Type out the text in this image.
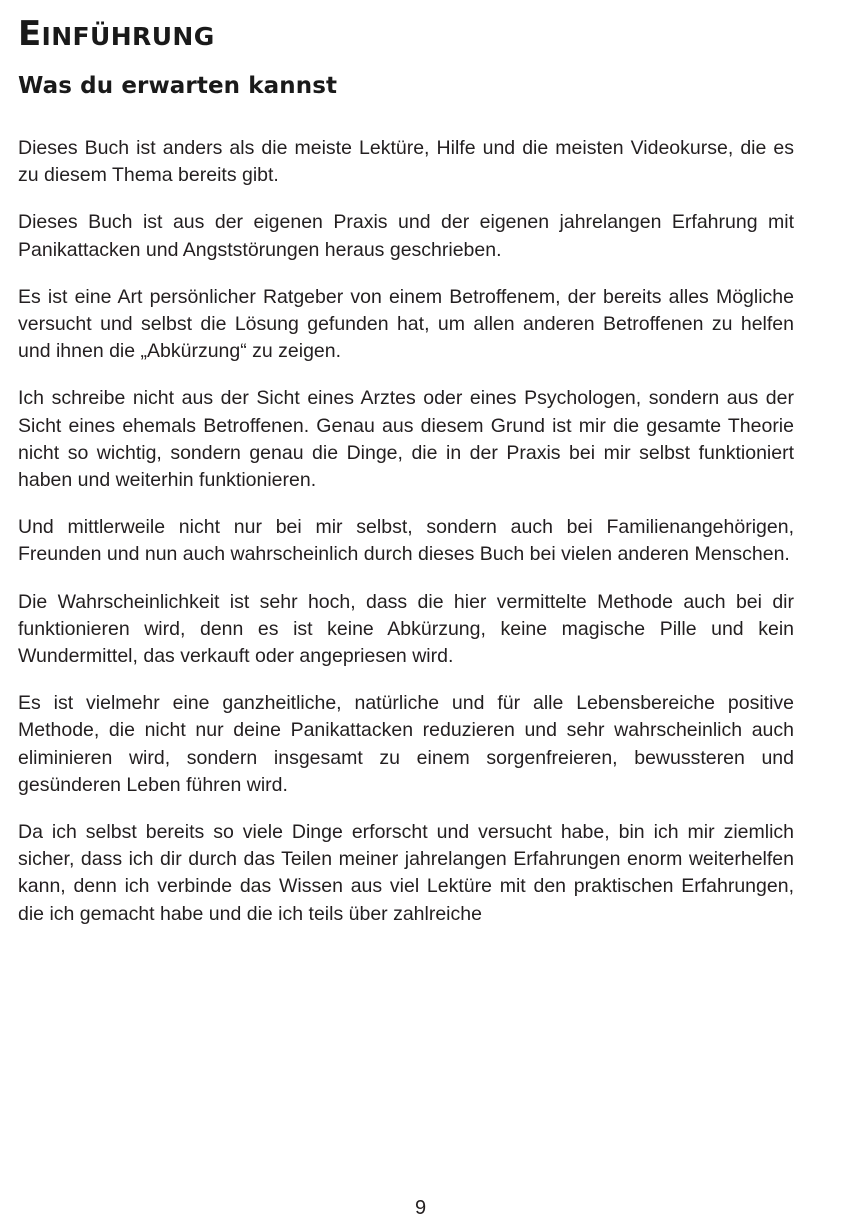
EINFÜHRUNG
Was du erwarten kannst

Dieses Buch ist anders als die meiste Lektüre, Hilfe und die meisten Videokurse, die es zu diesem Thema bereits gibt.

Dieses Buch ist aus der eigenen Praxis und der eigenen jahrelangen Erfahrung mit Panikattacken und Angststörungen heraus geschrieben.

Es ist eine Art persönlicher Ratgeber von einem Betroffenem, der bereits alles Mögliche versucht und selbst die Lösung gefunden hat, um allen anderen Betroffenen zu helfen und ihnen die „Abkürzung“ zu zeigen.

Ich schreibe nicht aus der Sicht eines Arztes oder eines Psychologen, sondern aus der Sicht eines ehemals Betroffenen. Genau aus diesem Grund ist mir die gesamte Theorie nicht so wichtig, sondern genau die Dinge, die in der Praxis bei mir selbst funktioniert haben und weiterhin funktionieren.

Und mittlerweile nicht nur bei mir selbst, sondern auch bei Familienangehörigen, Freunden und nun auch wahrscheinlich durch dieses Buch bei vielen anderen Menschen.

Die Wahrscheinlichkeit ist sehr hoch, dass die hier vermittelte Methode auch bei dir funktionieren wird, denn es ist keine Abkürzung, keine magische Pille und kein Wundermittel, das verkauft oder angepriesen wird.

Es ist vielmehr eine ganzheitliche, natürliche und für alle Lebensbereiche positive Methode, die nicht nur deine Panikattacken reduzieren und sehr wahrscheinlich auch eliminieren wird, sondern insgesamt zu einem sorgenfreieren, bewussteren und gesünderen Leben führen wird.

Da ich selbst bereits so viele Dinge erforscht und versucht habe, bin ich mir ziemlich sicher, dass ich dir durch das Teilen meiner jahrelangen Erfahrungen enorm weiterhelfen kann, denn ich verbinde das Wissen aus viel Lektüre mit den praktischen Erfahrungen, die ich gemacht habe und die ich teils über zahlreiche

9
